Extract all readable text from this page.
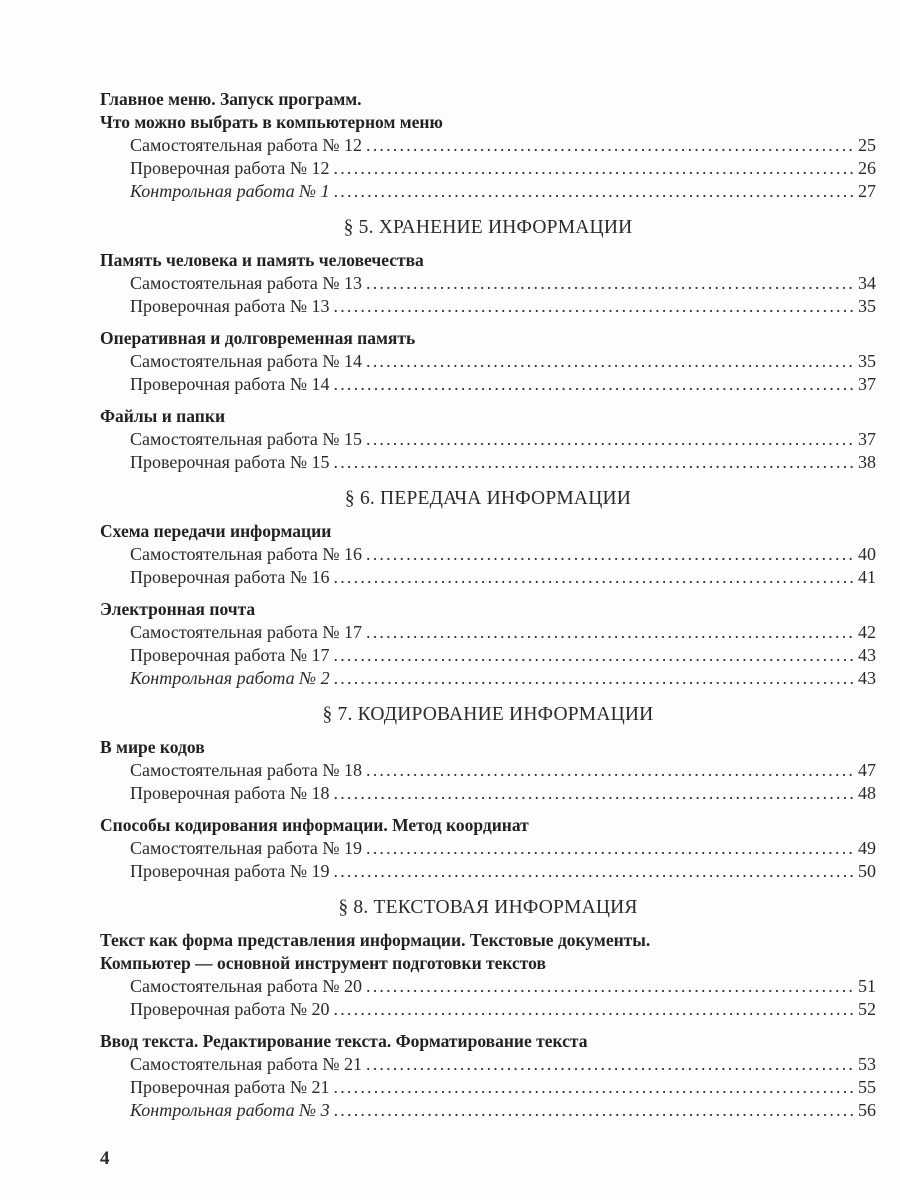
Главное меню. Запуск программ.
Что можно выбрать в компьютерном меню
Самостоятельная работа № 12 .....	25
Проверочная работа № 12 .....	26
Контрольная работа № 1 .....	27
§ 5. ХРАНЕНИЕ ИНФОРМАЦИИ
Память человека и память человечества
Самостоятельная работа № 13 .....	34
Проверочная работа № 13 .....	35
Оперативная и долговременная память
Самостоятельная работа № 14 .....	35
Проверочная работа № 14 .....	37
Файлы и папки
Самостоятельная работа № 15 .....	37
Проверочная работа № 15 .....	38
§ 6. ПЕРЕДАЧА ИНФОРМАЦИИ
Схема передачи информации
Самостоятельная работа № 16 .....	40
Проверочная работа № 16 .....	41
Электронная почта
Самостоятельная работа № 17 .....	42
Проверочная работа № 17 .....	43
Контрольная работа № 2 .....	43
§ 7. КОДИРОВАНИЕ ИНФОРМАЦИИ
В мире кодов
Самостоятельная работа № 18 .....	47
Проверочная работа № 18 .....	48
Способы кодирования информации. Метод координат
Самостоятельная работа № 19 .....	49
Проверочная работа № 19 .....	50
§ 8. ТЕКСТОВАЯ ИНФОРМАЦИЯ
Текст как форма представления информации. Текстовые документы.
Компьютер — основной инструмент подготовки текстов
Самостоятельная работа № 20 .....	51
Проверочная работа № 20 .....	52
Ввод текста. Редактирование текста. Форматирование текста
Самостоятельная работа № 21 .....	53
Проверочная работа № 21 .....	55
Контрольная работа № 3 .....	56
4
